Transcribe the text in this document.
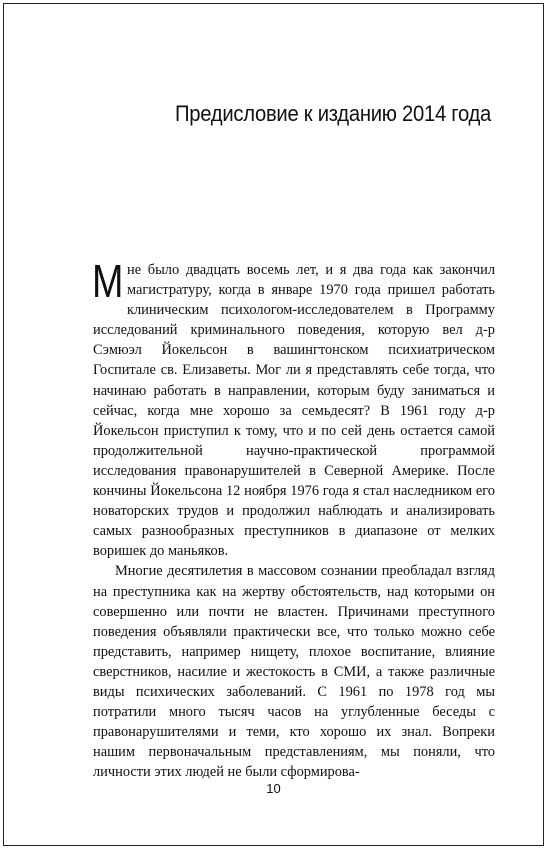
Предисловие к изданию 2014 года

Мне было двадцать восемь лет, и я два года как закончил магистратуру, когда в январе 1970 года пришел работать клиническим психологом-исследователем в Программу исследований криминального поведения, которую вел д-р Сэмюэл Йокельсон в вашингтонском психиатрическом Госпитале св. Елизаветы. Мог ли я представлять себе тогда, что начинаю работать в направлении, которым буду заниматься и сейчас, когда мне хорошо за семьдесят? В 1961 году д-р Йокельсон приступил к тому, что и по сей день остается самой продолжительной научно-практической программой исследования правонарушителей в Северной Америке. После кончины Йокельсона 12 ноября 1976 года я стал наследником его новаторских трудов и продолжил наблюдать и анализировать самых разнообразных преступников в диапазоне от мелких воришек до маньяков.

Многие десятилетия в массовом сознании преобладал взгляд на преступника как на жертву обстоятельств, над которыми он совершенно или почти не властен. Причинами преступного поведения объявляли практически все, что только можно себе представить, например нищету, плохое воспитание, влияние сверстников, насилие и жестокость в СМИ, а также различные виды психических заболеваний. С 1961 по 1978 год мы потратили много тысяч часов на углубленные беседы с правонарушителями и теми, кто хорошо их знал. Вопреки нашим первоначальным представлениям, мы поняли, что личности этих людей не были сформирова-

10
